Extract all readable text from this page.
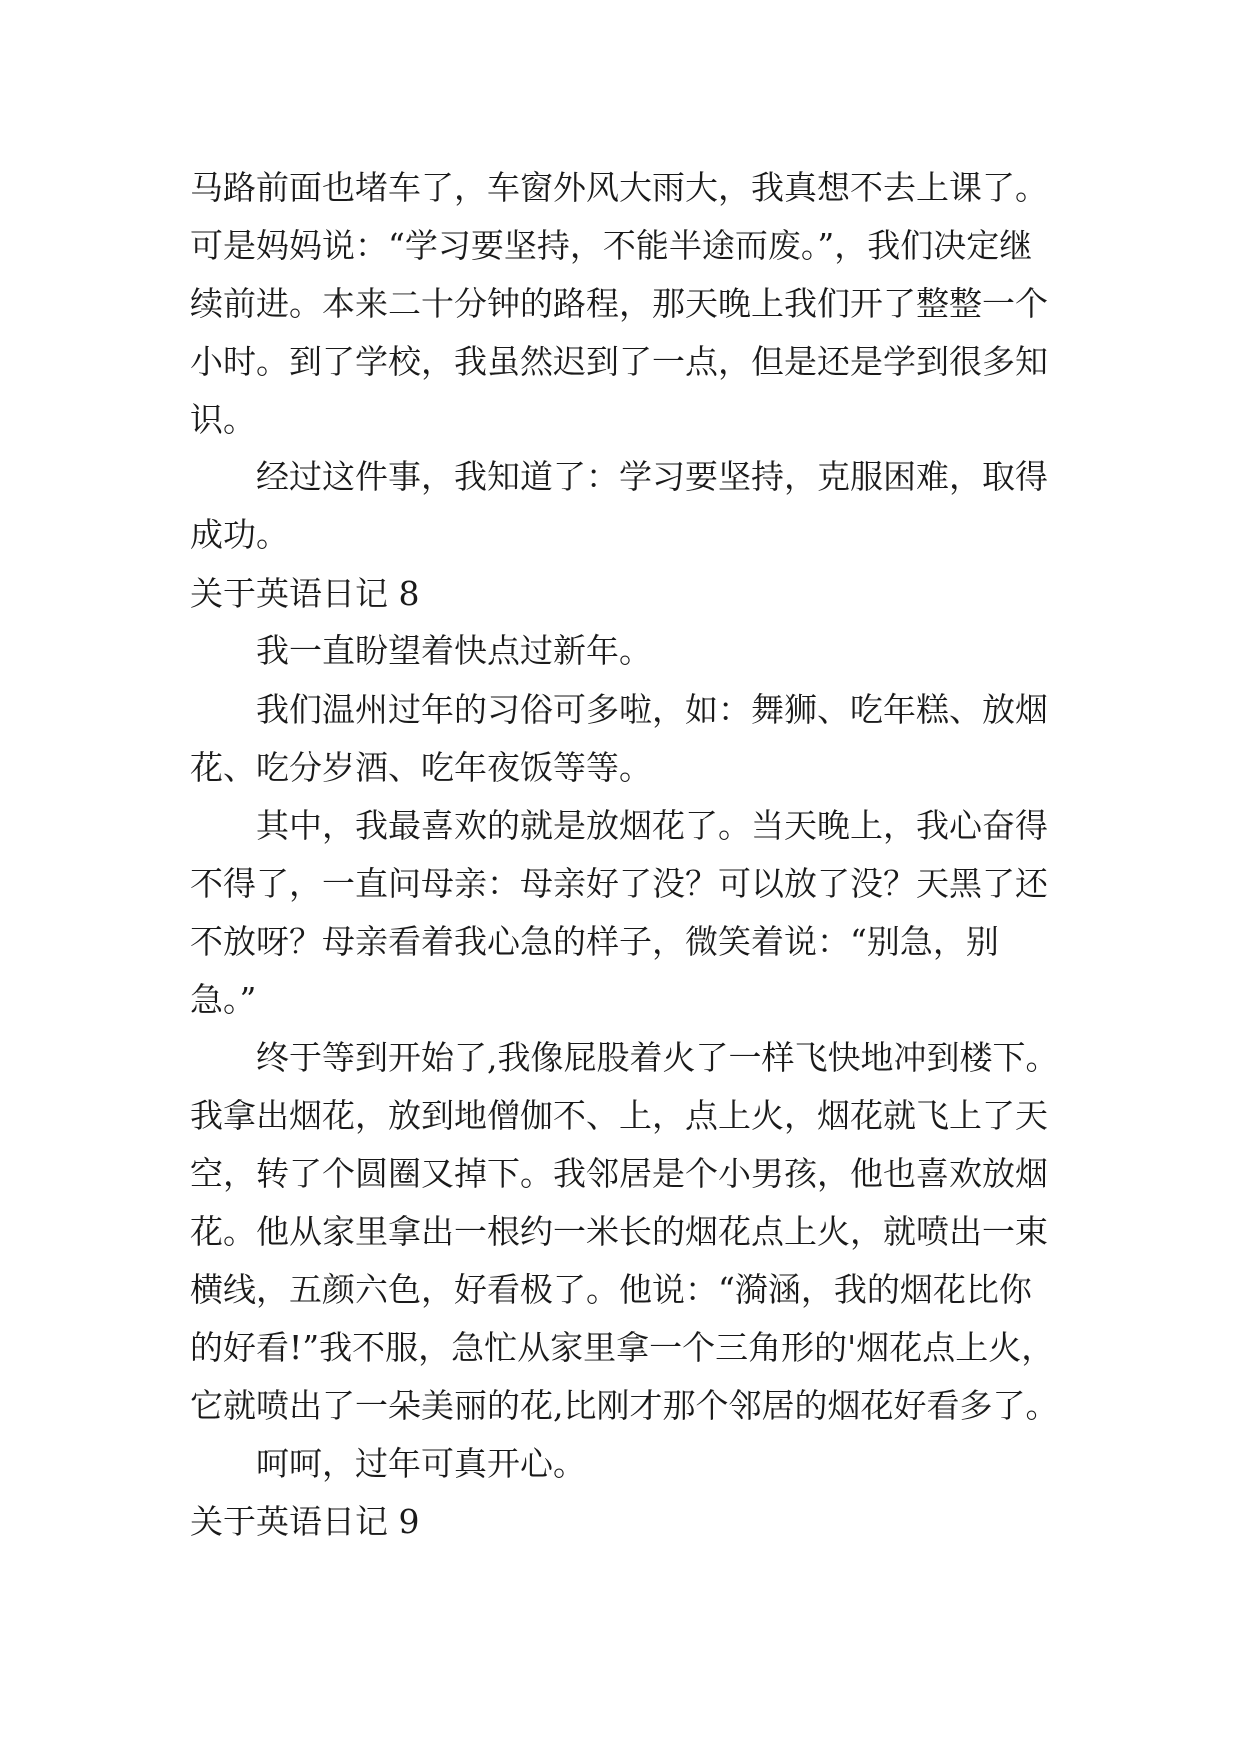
马路前面也堵车了，车窗外风大雨大，我真想不去上课了。
可是妈妈说：“学习要坚持，不能半途而废。”，我们决定继
续前进。本来二十分钟的路程，那天晚上我们开了整整一个
小时。到了学校，我虽然迟到了一点，但是还是学到很多知
识。
经过这件事，我知道了：学习要坚持，克服困难，取得
成功。
关于英语日记 8
我一直盼望着快点过新年。
我们温州过年的习俗可多啦，如：舞狮、吃年糕、放烟
花、吃分岁酒、吃年夜饭等等。
其中，我最喜欢的就是放烟花了。当天晚上，我心奋得
不得了，一直问母亲：母亲好了没？可以放了没？天黑了还
不放呀？母亲看着我心急的样子，微笑着说：“别急，别
急。”
终于等到开始了,我像屁股着火了一样飞快地冲到楼下。
我拿出烟花，放到地僧伽不、上，点上火，烟花就飞上了天
空，转了个圆圈又掉下。我邻居是个小男孩，他也喜欢放烟
花。他从家里拿出一根约一米长的烟花点上火，就喷出一束
横线，五颜六色，好看极了。他说：“漪涵，我的烟花比你
的好看!”我不服，急忙从家里拿一个三角形的'烟花点上火，
它就喷出了一朵美丽的花,比刚才那个邻居的烟花好看多了。
呵呵，过年可真开心。
关于英语日记 9
